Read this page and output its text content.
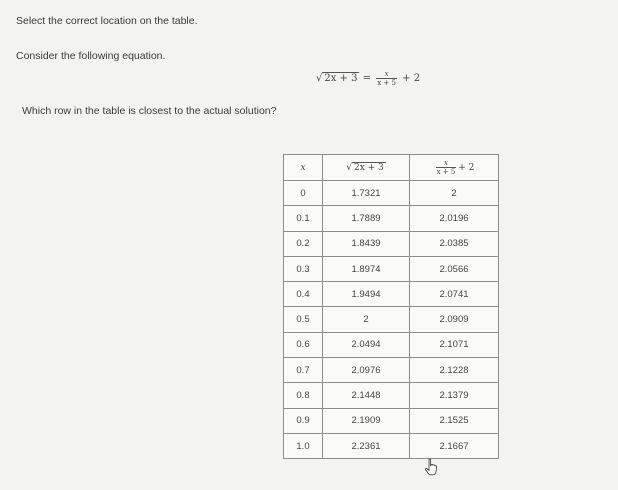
Select the correct location on the table.
Consider the following equation.
√ $2x + 3 = \frac{x}{x + 5} + 2$
Which row in the table is closest to the actual solution?
x	√ 2x + 3	$\frac{x}{x + 5} + 2$
0	1.7321	2
0.1	1.7889	2.0196
0.2	1.8439	2.0385
0.3	1.8974	2.0566
0.4	1.9494	2.0741
0.5	2	2.0909
0.6	2.0494	2.1071
0.7	2.0976	2.1228
0.8	2.1448	2.1379
0.9	2.1909	2.1525
1.0	2.2361	2.1667
